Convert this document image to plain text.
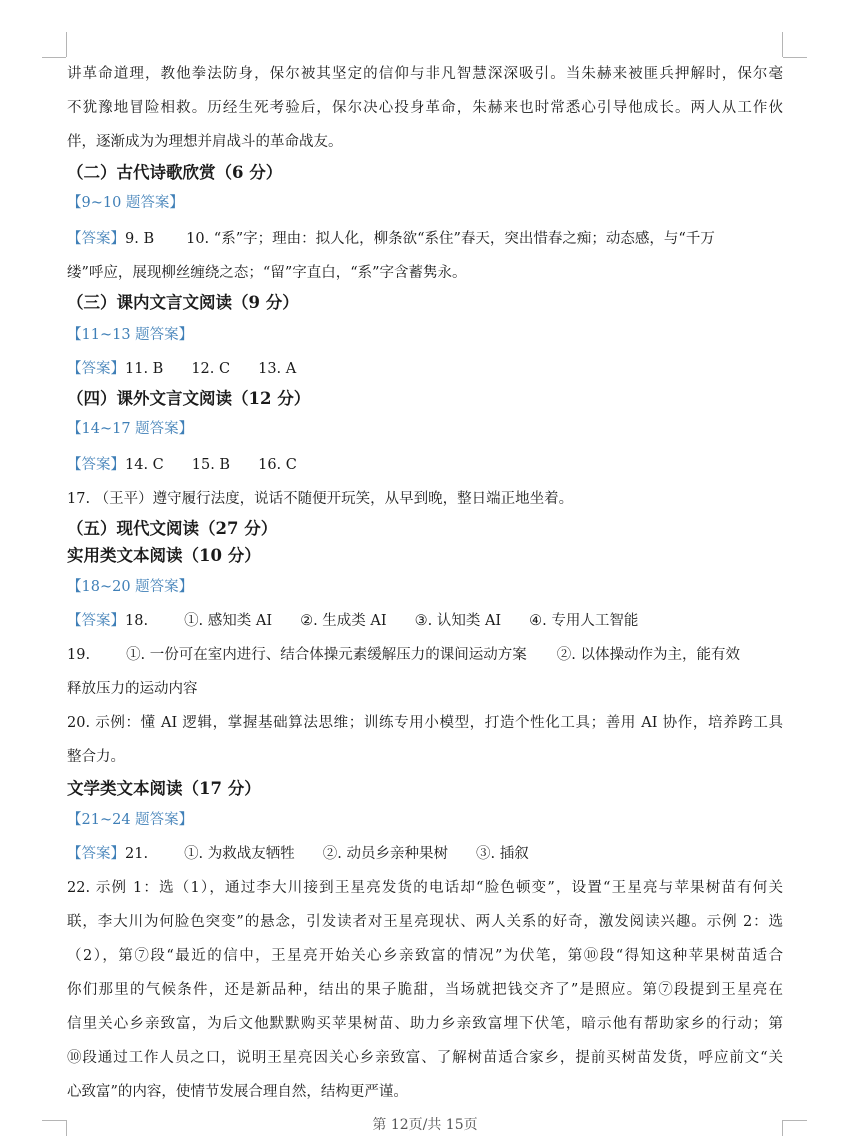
讲革命道理，教他拳法防身，保尔被其坚定的信仰与非凡智慧深深吸引。当朱赫来被匪兵押解时，保尔毫
不犹豫地冒险相救。历经生死考验后，保尔决心投身革命，朱赫来也时常悉心引导他成长。两人从工作伙
伴，逐渐成为为理想并肩战斗的革命战友。
（二）古代诗歌欣赏（6 分）
【9~10 题答案】
【答案】9. B 10. “系”字；理由：拟人化，柳条欲“系住”春天，突出惜春之痴；动态感，与“千万
缕”呼应，展现柳丝缠绕之态；“留”字直白，“系”字含蓄隽永。
（三）课内文言文阅读（9 分）
【11~13 题答案】
【答案】11. B 12. C 13. A
（四）课外文言文阅读（12 分）
【14~17 题答案】
【答案】14. C 15. B 16. C
17. （王平）遵守履行法度，说话不随便开玩笑，从早到晚，整日端正地坐着。
（五）现代文阅读（27 分）
实用类文本阅读（10 分）
【18~20 题答案】
【答案】18. ①. 感知类 AI ②. 生成类 AI ③. 认知类 AI ④. 专用人工智能
19. ①. 一份可在室内进行、结合体操元素缓解压力的课间运动方案 ②. 以体操动作为主，能有效
释放压力的运动内容
20. 示例：懂 AI 逻辑，掌握基础算法思维；训练专用小模型，打造个性化工具；善用 AI 协作，培养跨工具
整合力。
文学类文本阅读（17 分）
【21~24 题答案】
【答案】21. ①. 为救战友牺牲 ②. 动员乡亲种果树 ③. 插叙
22. 示例 1：选（1），通过李大川接到王星亮发货的电话却“脸色顿变”，设置“王星亮与苹果树苗有何关
联，李大川为何脸色突变”的悬念，引发读者对王星亮现状、两人关系的好奇，激发阅读兴趣。示例 2：选
（2），第⑦段“最近的信中，王星亮开始关心乡亲致富的情况”为伏笔，第⑩段“得知这种苹果树苗适合
你们那里的气候条件，还是新品种，结出的果子脆甜，当场就把钱交齐了”是照应。第⑦段提到王星亮在
信里关心乡亲致富，为后文他默默购买苹果树苗、助力乡亲致富埋下伏笔，暗示他有帮助家乡的行动；第
⑩段通过工作人员之口，说明王星亮因关心乡亲致富、了解树苗适合家乡，提前买树苗发货，呼应前文“关
心致富”的内容，使情节发展合理自然，结构更严谨。
第 12页/共 15页
